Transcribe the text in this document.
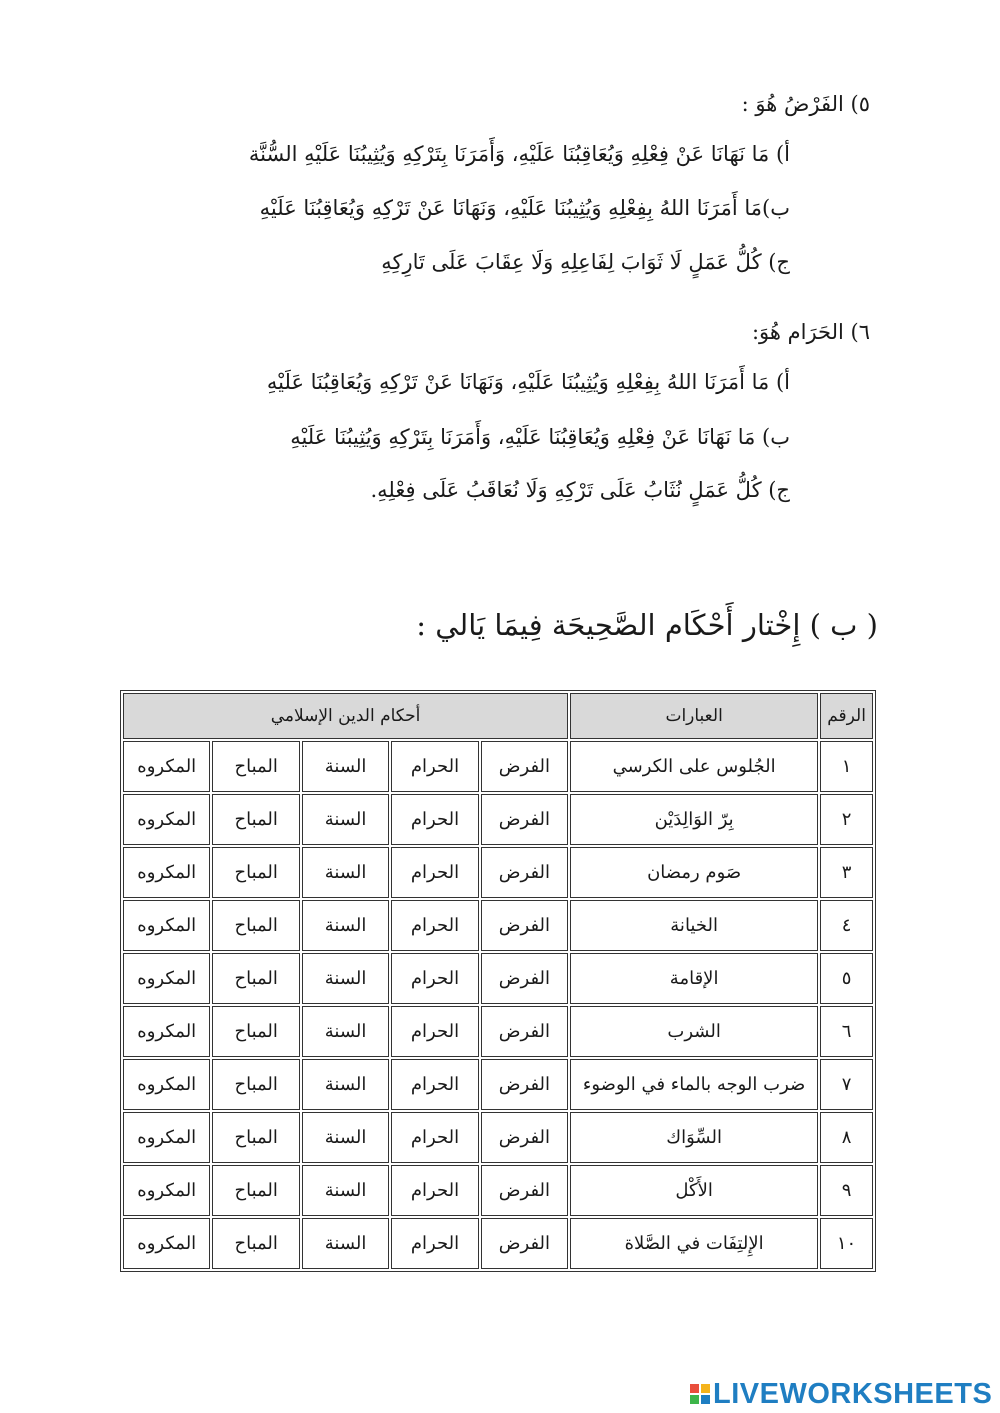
٥) الفَرْضُ هُوَ :
أ) مَا نَهَانَا عَنْ فِعْلِهِ وَيُعَاقِبُنَا عَلَيْهِ، وَأَمَرَنَا بِتَرْكِهِ وَيُثِيبُنَا عَلَيْهِ السُّنَّة
ب)مَا أَمَرَنَا اللهُ بِفِعْلِهِ وَيُثِيبُنَا عَلَيْهِ، وَنَهَانَا عَنْ تَرْكِهِ وَيُعَاقِبُنَا عَلَيْهِ
ج) كُلُّ عَمَلٍ لَا ثَوَابَ لِفَاعِلِهِ وَلَا عِقَابَ عَلَى تَارِكِهِ
٦) الحَرَام هُوَ:
أ) مَا أَمَرَنَا اللهُ بِفِعْلِهِ وَيُثِيبُنَا عَلَيْهِ، وَنَهَانَا عَنْ تَرْكِهِ وَيُعَاقِبُنَا عَلَيْهِ
ب) مَا نَهَانَا عَنْ فِعْلِهِ وَيُعَاقِبُنَا عَلَيْهِ، وَأَمَرَنَا بِتَرْكِهِ وَيُثِيبُنَا عَلَيْهِ
ج) كُلُّ عَمَلٍ نُثَابُ عَلَى تَرْكِهِ وَلَا نُعَاقَبُ عَلَى فِعْلِهِ.
( ب ) إِخْتار أَحْكَام الصَّحِيحَة فِيمَا يَالي :
الرقم	العبارات	أحكام الدين الإسلامي				
١	الجُلوس على الكرسي	الفرض	الحرام	السنة	المباح	المكروه
٢	بِرّ الوَالِدَيْن	الفرض	الحرام	السنة	المباح	المكروه
٣	صَوم رمضان	الفرض	الحرام	السنة	المباح	المكروه
٤	الخيانة	الفرض	الحرام	السنة	المباح	المكروه
٥	الإقامة	الفرض	الحرام	السنة	المباح	المكروه
٦	الشرب	الفرض	الحرام	السنة	المباح	المكروه
٧	ضرب الوجه بالماء في الوضوء	الفرض	الحرام	السنة	المباح	المكروه
٨	السِّوَاك	الفرض	الحرام	السنة	المباح	المكروه
٩	الأَكْل	الفرض	الحرام	السنة	المباح	المكروه
١٠	الإِلتِفَات في الصَّلاة	الفرض	الحرام	السنة	المباح	المكروه
LIVEWORKSHEETS
